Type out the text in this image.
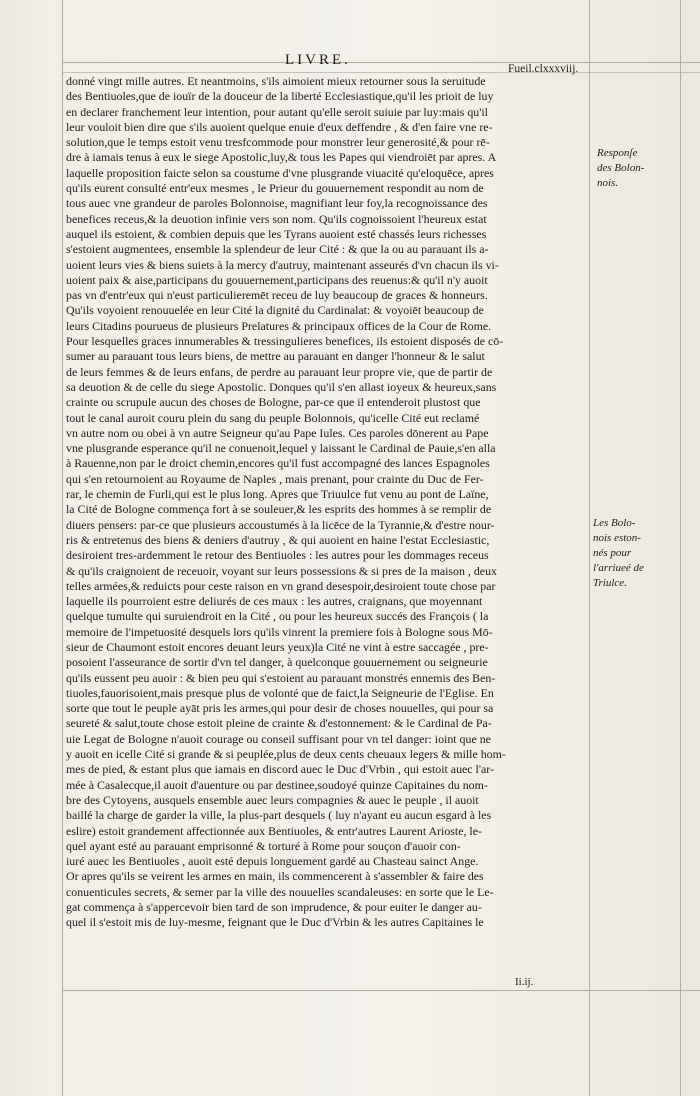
LIVRE.
Fueil.clxxxviij.
donné vingt mille autres. Et neantmoins, s'ils aimoient mieux retourner sous la seruitude
des Bentiuoles,que de iouïr de la douceur de la liberté Ecclesiastique,qu'il les prioit de luy
en declarer franchement leur intention, pour autant qu'elle seroit suiuie par luy:mais qu'il
leur vouloit bien dire que s'ils auoient quelque enuie d'eux deffendre , & d'en faire vne re-
solution,que le temps estoit venu tresfcommode pour monstrer leur generosité,& pour rē-
dre à iamais tenus à eux le siege Apostolic,luy,& tous les Papes qui viendroiēt par apres. A
laquelle proposition faicte selon sa coustume d'vne plusgrande viuacité qu'eloquēce, apres
qu'ils eurent consulté entr'eux mesmes , le Prieur du gouuernement respondit au nom de
tous auec vne grandeur de paroles Bolonnoise, magnifiant leur foy,la recognoissance des
benefices receus,& la deuotion infinie vers son nom. Qu'ils cognoissoient l'heureux estat
auquel ils estoient, & combien depuis que les Tyrans auoient esté chassés leurs richesses
s'estoient augmentees, ensemble la splendeur de leur Cité : & que la ou au parauant ils a-
uoient leurs vies & biens suiets à la mercy d'autruy, maintenant asseurés d'vn chacun ils vi-
uoient paix & aise,participans du gouuernement,participans des reuenus:& qu'il n'y auoit
pas vn d'entr'eux qui n'eust particulieremēt receu de luy beaucoup de graces & honneurs.
Qu'ils voyoient renouuelée en leur Cité la dignité du Cardinalat: & voyoiēt beaucoup de
leurs Citadins pourueus de plusieurs Prelatures & principaux offices de la Cour de Rome.
Pour lesquelles graces innumerables & tressingulieres benefices, ils estoient disposés de cō-
sumer au parauant tous leurs biens, de mettre au parauant en danger l'honneur & le salut
de leurs femmes & de leurs enfans, de perdre au parauant leur propre vie, que de partir de
sa deuotion & de celle du siege Apostolic. Donques qu'il s'en allast ioyeux & heureux,sans
crainte ou scrupule aucun des choses de Bologne, par-ce que il entenderoit plustost que
tout le canal auroit couru plein du sang du peuple Bolonnois, qu'icelle Cité eut reclamé
vn autre nom ou obei à vn autre Seigneur qu'au Pape Iules. Ces paroles dōnerent au Pape
vne plusgrande esperance qu'il ne conuenoit,lequel y laissant le Cardinal de Pauie,s'en alla
à Rauenne,non par le droict chemin,encores qu'il fust accompagné des lances Espagnoles
qui s'en retournoient au Royaume de Naples , mais prenant, pour crainte du Duc de Fer-
rar, le chemin de Furli,qui est le plus long. Apres que Triuulce fut venu au pont de Laïne,
la Cité de Bologne commença fort à se souleuer,& les esprits des hommes à se remplir de
diuers pensers: par-ce que plusieurs accoustumés à la licēce de la Tyrannie,& d'estre nour-
ris & entretenus des biens & deniers d'autruy , & qui auoient en haine l'estat Ecclesiastic,
desiroient tres-ardemment le retour des Bentiuoles : les autres pour les dommages receus
& qu'ils craignoient de receuoir, voyant sur leurs possessions & si pres de la maison , deux
telles armées,& reduicts pour ceste raison en vn grand desespoir,desiroient toute chose par
laquelle ils pourroient estre deliurés de ces maux : les autres, craignans, que moyennant
quelque tumulte qui suruiendroit en la Cité , ou pour les heureux succés des François ( la
memoire de l'impetuosité desquels lors qu'ils vinrent la premiere fois à Bologne sous Mō-
sieur de Chaumont estoit encores deuant leurs yeux)la Cité ne vint à estre saccagée , pre-
posoient l'asseurance de sortir d'vn tel danger, à quelconque gouuernement ou seigneurie
qu'ils eussent peu auoir : & bien peu qui s'estoient au parauant monstrés ennemis des Ben-
tiuoles,fauorisoient,mais presque plus de volonté que de faict,la Seigneurie de l'Eglise. En
sorte que tout le peuple ayāt pris les armes,qui pour desir de choses nouuelles, qui pour sa
seureté & salut,toute chose estoit pleine de crainte & d'estonnement: & le Cardinal de Pa-
uie Legat de Bologne n'auoit courage ou conseil suffisant pour vn tel danger: ioint que ne
y auoit en icelle Cité si grande & si peuplée,plus de deux cents cheuaux legers & mille hom-
mes de pied, & estant plus que iamais en discord auec le Duc d'Vrbin , qui estoit auec l'ar-
mée à Casalecque,il auoit d'auenture ou par destinee,soudoyé quinze Capitaines du nom-
bre des Cytoyens, ausquels ensemble auec leurs compagnies & auec le peuple , il auoit
baillé la charge de garder la ville, la plus-part desquels ( luy n'ayant eu aucun esgard à les
eslire) estoit grandement affectionnée aux Bentiuoles, & entr'autres Laurent Arioste, le-
quel ayant esté au parauant emprisonné & torturé à Rome pour souçon d'auoir con-
iuré auec les Bentiuoles , auoit esté depuis longuement gardé au Chasteau sainct Ange.
Or apres qu'ils se veirent les armes en main, ils commencerent à s'assembler & faire des
conuenticules secrets, & semer par la ville des nouuelles scandaleuses: en sorte que le Le-
gat commença à s'appercevoir bien tard de son imprudence, & pour euiter le danger au-
quel il s'estoit mis de luy-mesme, feignant que le Duc d'Vrbin & les autres Capitaines le
Responſe
des Bolon-
nois.
Les Bolo-
nois eston-
nés pour
l'arriueé de
Triulce.
Ii.ij.
